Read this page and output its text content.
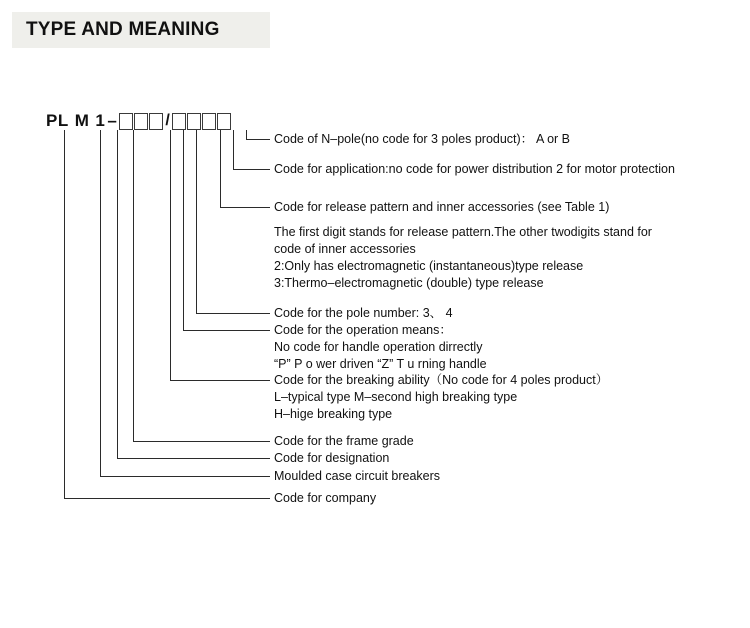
TYPE AND MEANING
PL M 1 –	/
Code of N–pole(no code for 3 poles product)： A or B
Code for application:no code for power distribution 2 for motor protection
Code for release pattern and inner accessories (see Table 1)
The first digit stands for release pattern.The other twodigits stand for
code of inner accessories
2:Only has electromagnetic (instantaneous)type release
3:Thermo–electromagnetic (double) type release
Code for the pole number: 3、 4
Code for the operation means：
No code for handle operation dirrectly
“P” P o wer driven “Z” T u rning handle
Code for the breaking ability（No code for 4 poles product）
L–typical type M–second high breaking type
H–hige breaking type
Code for the frame grade
Code for designation
Moulded case circuit breakers
Code for company
